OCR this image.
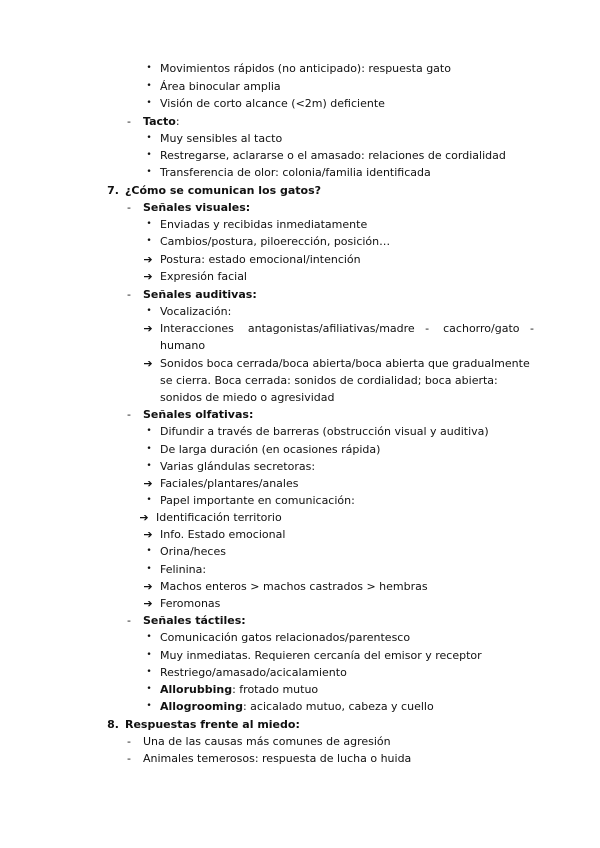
• Movimientos rápidos (no anticipado): respuesta gato
• Área binocular amplia
• Visión de corto alcance (<2m) deficiente
-	Tacto:
• Muy sensibles al tacto
• Restregarse, aclararse o el amasado: relaciones de cordialidad
• Transferencia de olor: colonia/familia identificada
7. ¿Cómo se comunican los gatos?
-	Señales visuales:
• Enviadas y recibidas inmediatamente
• Cambios/postura, piloerección, posición…
➔ Postura: estado emocional/intención
➔ Expresión facial
-	Señales auditivas:
• Vocalización:
➔ Interacciones    antagonistas/afiliativas/madre   -    cachorro/gato   -
humano
➔ Sonidos boca cerrada/boca abierta/boca abierta que gradualmente
se cierra. Boca cerrada: sonidos de cordialidad; boca abierta:
sonidos de miedo o agresividad
-	Señales olfativas:
• Difundir a través de barreras (obstrucción visual y auditiva)
• De larga duración (en ocasiones rápida)
• Varias glándulas secretoras:
➔ Faciales/plantares/anales
• Papel importante en comunicación:
➔ Identificación territorio
➔ Info. Estado emocional
• Orina/heces
• Felinina:
➔ Machos enteros > machos castrados > hembras
➔ Feromonas
-	Señales táctiles:
• Comunicación gatos relacionados/parentesco
• Muy inmediatas. Requieren cercanía del emisor y receptor
• Restriego/amasado/acicalamiento
• Allorubbing: frotado mutuo
• Allogrooming: acicalado mutuo, cabeza y cuello
8. Respuestas frente al miedo:
-	Una de las causas más comunes de agresión
-	Animales temerosos: respuesta de lucha o huida
